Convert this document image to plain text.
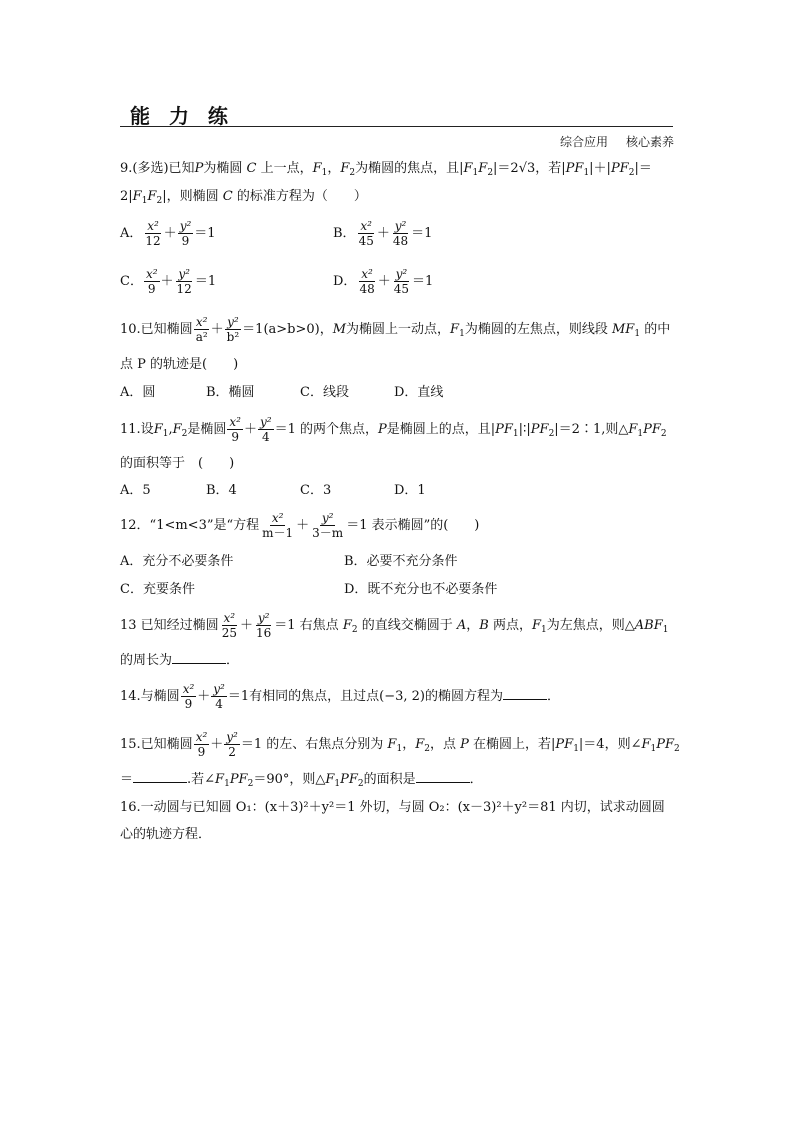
能 力 练
综合应用 核心素养
9.(多选)已知P为椭圆 C 上一点，$F_1$，$F_2$为椭圆的焦点，且$|F_1F_2|=2√3$，若$|PF_1|+|PF_2|=$
$2|F_1F_2|$，则椭圆 C 的标准方程为（　　）
A． $\frac{\text{x²}}{12} + \frac{\text{y²}}{9} =1$	B． $\frac{\text{x²}}{45} + \frac{\text{y²}}{48} =1$
C． $\frac{\text{x²}}{9} + \frac{\text{y²}}{12} =1$	D． $\frac{\text{x²}}{48} + \frac{\text{y²}}{45} =1$
10.已知椭圆 $\frac{\text{x²}}{\text{a²}} + \frac{\text{y²}}{\text{b²}} =1(a>b>0)$，M为椭圆上一动点，$F_1$为椭圆的左焦点，则线段 $MF_1$ 的中
点 P 的轨迹是(　　)
A．圆	B．椭圆	C．线段	D．直线
11.设$F_1,F_2$是椭圆 $\frac{\text{x²}}{9} + \frac{\text{y²}}{4} =1$ 的两个焦点，P是椭圆上的点，且$|PF_1|∶|PF_2|=2∶1$,则$\triangle F_1PF_2$
的面积等于　(　　)
A．5	B．4	C．3	D．1
12．“1<m<3”是“方程 $\frac{\text{x²}}{m-1} + \frac{\text{y²}}{3-m} =1$ 表示椭圆”的(　　)
A．充分不必要条件	B．必要不充分条件
C．充要条件	D．既不充分也不必要条件
13 已知经过椭圆 $\frac{\text{x²}}{25} + \frac{\text{y²}}{16} =1$ 右焦点 $F_2$ 的直线交椭圆于 A，B 两点，$F_1$为左焦点，则$\triangle ABF_1$
的周长为	．
14.与椭圆 $\frac{\text{x²}}{9} + \frac{\text{y²}}{4} =1$有相同的焦点，且过点(−3, 2)的椭圆方程为	．
15.已知椭圆 $\frac{\text{x²}}{9} + \frac{\text{y²}}{2} =1$ 的左、右焦点分别为 $F_1$，$F_2$，点 P 在椭圆上，若$|PF_1|=4$，则$\angle F_1PF_2$
＝	.若$\angle F_1PF_2=90^\circ$，则$\triangle F_1PF_2$的面积是	．
16.一动圆与已知圆 O₁：(x＋3)²＋y²＝1 外切，与圆 O₂：(x－3)²＋y²＝81 内切，试求动圆圆
心的轨迹方程．
